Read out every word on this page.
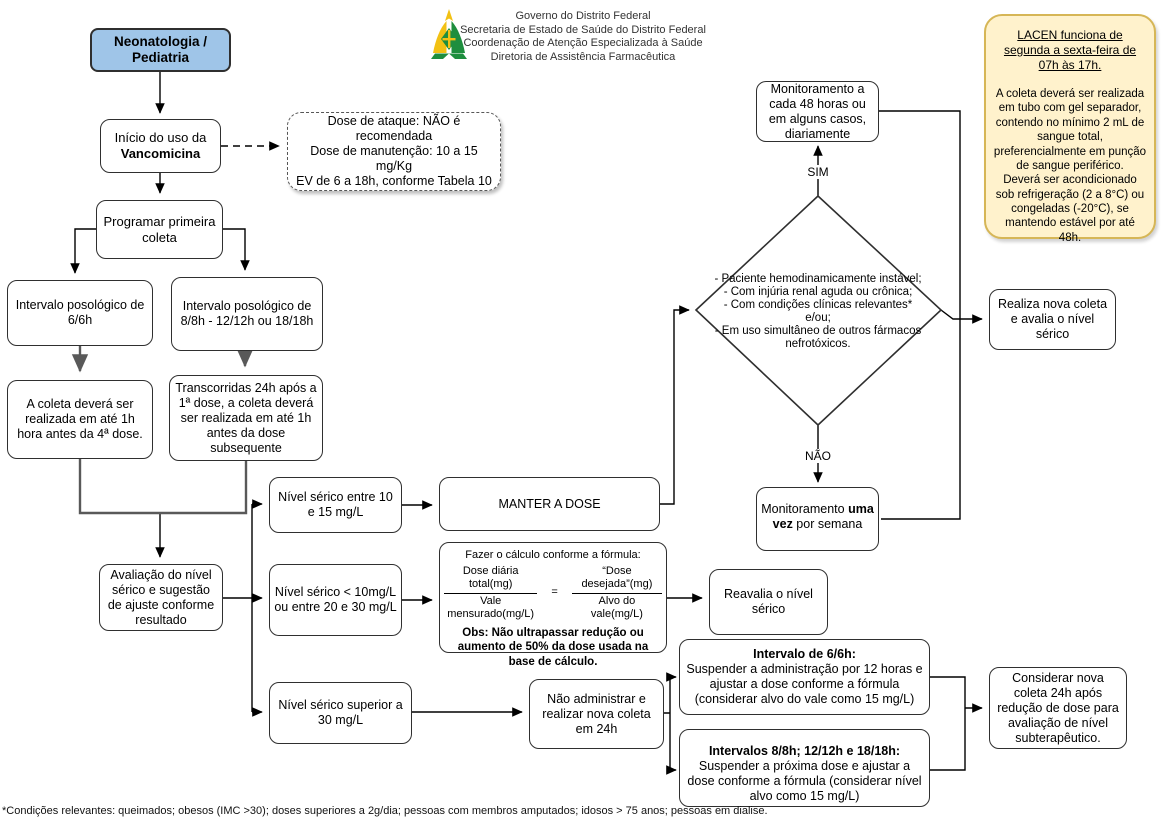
Governo do Distrito Federal
Secretaria de Estado de Saúde do Distrito Federal
Coordenação de Atenção Especializada à Saúde
Diretoria de Assistência Farmacêutica
LACEN funciona de segunda a sexta-feira de 07h às 17h.

A coleta deverá ser realizada em tubo com gel separador, contendo no mínimo 2 mL de sangue total, preferencialmente em punção de sangue periférico.

Deverá ser acondicionado sob refrigeração (2 a 8°C) ou congeladas (-20°C), se mantendo estável por até 48h.

Neonatologia / Pediatria
Início do uso da
Vancomicina
Dose de ataque: NÃO é recomendada
Dose de manutenção: 10 a 15 mg/Kg
EV de 6 a 18h, conforme Tabela 10
Programar primeira coleta
Intervalo posológico de 6/6h
Intervalo posológico de 8/8h - 12/12h ou 18/18h
A coleta deverá ser realizada em até 1h hora antes da 4ª dose.
Transcorridas 24h após a 1ª dose, a coleta deverá ser realizada em até 1h antes da dose subsequente
Avaliação do nível sérico e sugestão de ajuste conforme resultado
Nível sérico entre 10 e 15 mg/L
MANTER A DOSE
Nível sérico < 10mg/L ou entre 20 e 30 mg/L
Fazer o cálculo conforme a fórmula:
$\frac{\text{Dose diária total(mg)}}{\text{Vale mensurado(mg/L)}} = \frac{\text{“Dose desejada”(mg)}}{\text{Alvo do vale(mg/L)}}$
Obs: Não ultrapassar redução ou aumento de 50% da dose usada na base de cálculo.
Reavalia o nível sérico
Nível sérico superior a 30 mg/L
Não administrar e realizar nova coleta em 24h
Intervalo de 6/6h:
Suspender a administração por 12 horas e ajustar a dose conforme a fórmula (considerar alvo do vale como 15 mg/L)
Intervalos 8/8h; 12/12h e 18/18h: Suspender a próxima dose e ajustar a dose conforme a fórmula (considerar nível alvo como 15 mg/L)
Considerar nova coleta 24h após redução de dose para avaliação de nível subterapêutico.
Monitoramento a cada 48 horas ou em alguns casos, diariamente
Monitoramento uma vez por semana
Realiza nova coleta e avalia o nível sérico
- Paciente hemodinamicamente instável;
- Com injúria renal aguda ou crônica;
- Com condições clínicas relevantes* e/ou;
- Em uso simultâneo de outros fármacos nefrotóxicos.
SIM
NÃO
*Condições relevantes: queimados; obesos (IMC >30); doses superiores a 2g/dia; pessoas com membros amputados; idosos > 75 anos; pessoas em dialise.
